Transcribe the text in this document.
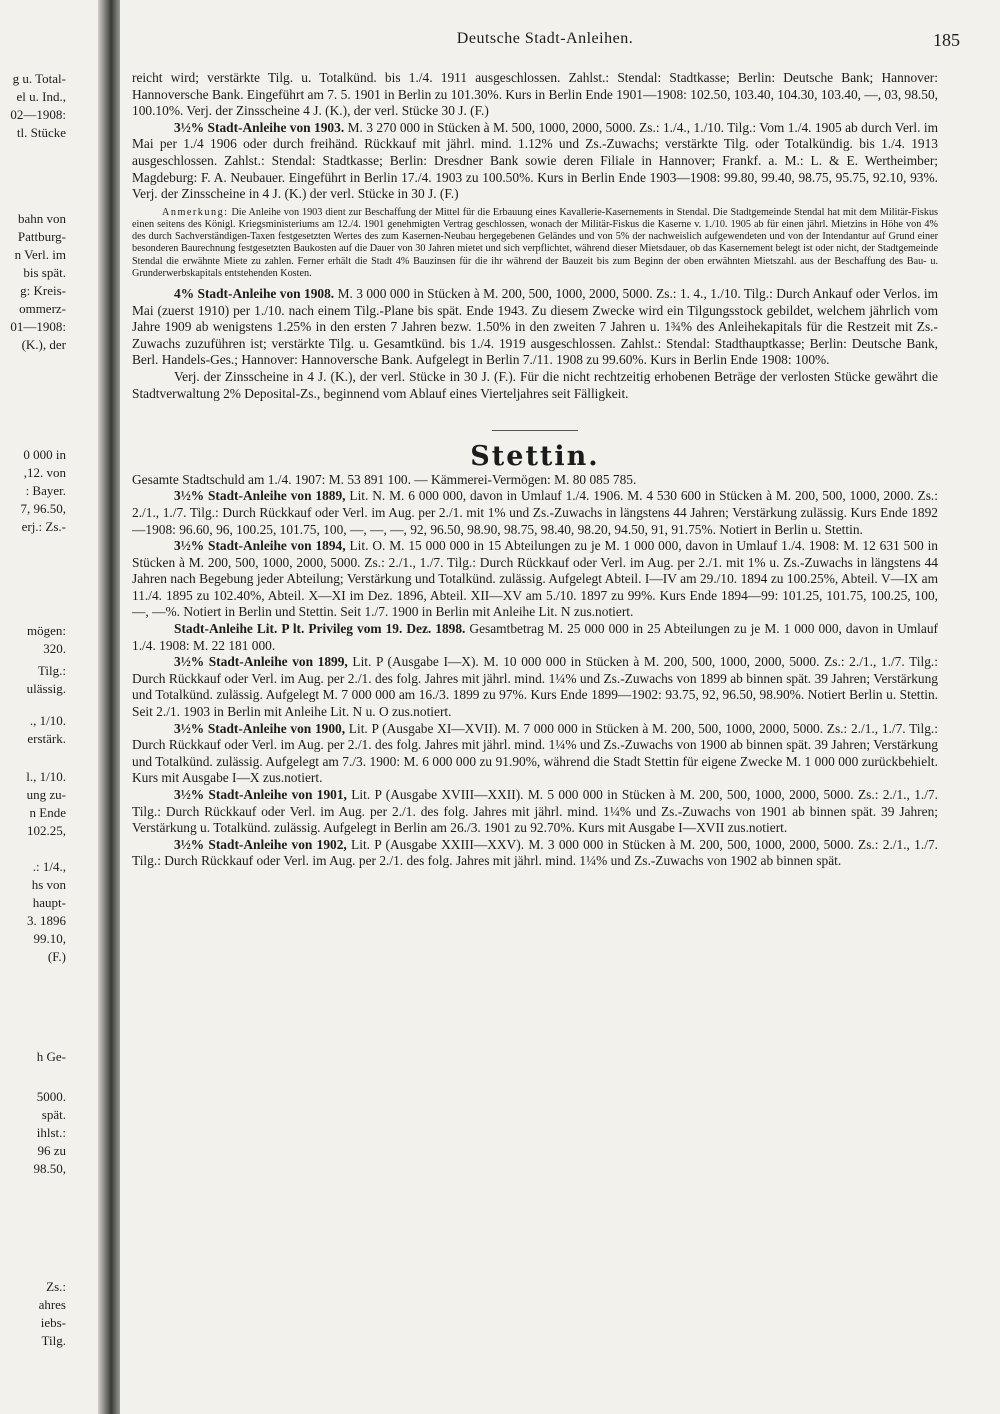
g u. Total-
el u. Ind.,
02—1908:
tl. Stücke
bahn von
Pattburg-
n Verl. im
bis spät.
g: Kreis-
ommerz-
01—1908:
(K.), der
0 000 in
,12. von
: Bayer.
7, 96.50,
erj.: Zs.-
mögen:
320.
Tilg.:
ulässig.
., 1/10.
erstärk.
l., 1/10.
ung zu-
n Ende
102.25,
.: 1/4.,
hs von
haupt-
3. 1896
99.10,
(F.)
h Ge-
5000.
spät.
ihlst.:
96 zu
98.50,
Zs.:
ahres
iebs-
Tilg.
Deutsche Stadt-Anleihen.	185

reicht wird; verstärkte Tilg. u. Totalkünd. bis 1./4. 1911 ausgeschlossen. Zahlst.: Stendal: Stadtkasse; Berlin: Deutsche Bank; Hannover: Hannoversche Bank. Eingeführt am 7. 5. 1901 in Berlin zu 101.30%. Kurs in Berlin Ende 1901—1908: 102.50, 103.40, 104.30, 103.40, —, 03, 98.50, 100.10%. Verj. der Zinsscheine 4 J. (K.), der verl. Stücke 30 J. (F.)

3½% Stadt-Anleihe von 1903. M. 3 270 000 in Stücken à M. 500, 1000, 2000, 5000. Zs.: 1./4., 1./10. Tilg.: Vom 1./4. 1905 ab durch Verl. im Mai per 1./4 1906 oder durch freihänd. Rückkauf mit jährl. mind. 1.12% und Zs.-Zuwachs; verstärkte Tilg. oder Totalkündig. bis 1./4. 1913 ausgeschlossen. Zahlst.: Stendal: Stadtkasse; Berlin: Dresdner Bank sowie deren Filiale in Hannover; Frankf. a. M.: L. & E. Wertheimber; Magdeburg: F. A. Neubauer. Eingeführt in Berlin 17./4. 1903 zu 100.50%. Kurs in Berlin Ende 1903—1908: 99.80, 99.40, 98.75, 95.75, 92.10, 93%. Verj. der Zinsscheine in 4 J. (K.) der verl. Stücke in 30 J. (F.)

Anmerkung: Die Anleihe von 1903 dient zur Beschaffung der Mittel für die Erbauung eines Kavallerie-Kasernements in Stendal. Die Stadtgemeinde Stendal hat mit dem Militär-Fiskus einen seitens des Königl. Kriegsministeriums am 12./4. 1901 genehmigten Vertrag geschlossen, wonach der Militär-Fiskus die Kaserne v. 1./10. 1905 ab für einen jährl. Mietzins in Höhe von 4% des durch Sachverständigen-Taxen festgesetzten Wertes des zum Kasernen-Neubau hergegebenen Geländes und von 5% der nachweislich aufgewendeten und von der Intendantur auf Grund einer besonderen Baurechnung festgesetzten Baukosten auf die Dauer von 30 Jahren mietet und sich verpflichtet, während dieser Mietsdauer, ob das Kasernement belegt ist oder nicht, der Stadtgemeinde Stendal die erwähnte Miete zu zahlen. Ferner erhält die Stadt 4% Bauzinsen für die ihr während der Bauzeit bis zum Beginn der oben erwähnten Mietszahl. aus der Beschaffung des Bau- u. Grunderwerbskapitals entstehenden Kosten.

4% Stadt-Anleihe von 1908. M. 3 000 000 in Stücken à M. 200, 500, 1000, 2000, 5000. Zs.: 1. 4., 1./10. Tilg.: Durch Ankauf oder Verlos. im Mai (zuerst 1910) per 1./10. nach einem Tilg.-Plane bis spät. Ende 1943. Zu diesem Zwecke wird ein Tilgungsstock gebildet, welchem jährlich vom Jahre 1909 ab wenigstens 1.25% in den ersten 7 Jahren bezw. 1.50% in den zweiten 7 Jahren u. 1¾% des Anleihekapitals für die Restzeit mit Zs.-Zuwachs zuzuführen ist; verstärkte Tilg. u. Gesamtkünd. bis 1./4. 1919 ausgeschlossen. Zahlst.: Stendal: Stadthauptkasse; Berlin: Deutsche Bank, Berl. Handels-Ges.; Hannover: Hannoversche Bank. Aufgelegt in Berlin 7./11. 1908 zu 99.60%. Kurs in Berlin Ende 1908: 100%.

Verj. der Zinsscheine in 4 J. (K.), der verl. Stücke in 30 J. (F.). Für die nicht rechtzeitig erhobenen Beträge der verlosten Stücke gewährt die Stadtverwaltung 2% Deposital-Zs., beginnend vom Ablauf eines Vierteljahres seit Fälligkeit.

Stettin.

Gesamte Stadtschuld am 1./4. 1907: M. 53 891 100. — Kämmerei-Vermögen: M. 80 085 785.

3½% Stadt-Anleihe von 1889, Lit. N. M. 6 000 000, davon in Umlauf 1./4. 1906. M. 4 530 600 in Stücken à M. 200, 500, 1000, 2000. Zs.: 2./1., 1./7. Tilg.: Durch Rückkauf oder Verl. im Aug. per 2./1. mit 1% und Zs.-Zuwachs in längstens 44 Jahren; Verstärkung zulässig. Kurs Ende 1892—1908: 96.60, 96, 100.25, 101.75, 100, —, —, —, 92, 96.50, 98.90, 98.75, 98.40, 98.20, 94.50, 91, 91.75%. Notiert in Berlin u. Stettin.

3½% Stadt-Anleihe von 1894, Lit. O. M. 15 000 000 in 15 Abteilungen zu je M. 1 000 000, davon in Umlauf 1./4. 1908: M. 12 631 500 in Stücken à M. 200, 500, 1000, 2000, 5000. Zs.: 2./1., 1./7. Tilg.: Durch Rückkauf oder Verl. im Aug. per 2./1. mit 1% u. Zs.-Zuwachs in längstens 44 Jahren nach Begebung jeder Abteilung; Verstärkung und Totalkünd. zulässig. Aufgelegt Abteil. I—IV am 29./10. 1894 zu 100.25%, Abteil. V—IX am 11./4. 1895 zu 102.40%, Abteil. X—XI im Dez. 1896, Abteil. XII—XV am 5./10. 1897 zu 99%. Kurs Ende 1894—99: 101.25, 101.75, 100.25, 100, —, —%. Notiert in Berlin und Stettin. Seit 1./7. 1900 in Berlin mit Anleihe Lit. N zus.notiert.

Stadt-Anleihe Lit. P lt. Privileg vom 19. Dez. 1898. Gesamtbetrag M. 25 000 000 in 25 Abteilungen zu je M. 1 000 000, davon in Umlauf 1./4. 1908: M. 22 181 000.

3½% Stadt-Anleihe von 1899, Lit. P (Ausgabe I—X). M. 10 000 000 in Stücken à M. 200, 500, 1000, 2000, 5000. Zs.: 2./1., 1./7. Tilg.: Durch Rückkauf oder Verl. im Aug. per 2./1. des folg. Jahres mit jährl. mind. 1¼% und Zs.-Zuwachs von 1899 ab binnen spät. 39 Jahren; Verstärkung und Totalkünd. zulässig. Aufgelegt M. 7 000 000 am 16./3. 1899 zu 97%. Kurs Ende 1899—1902: 93.75, 92, 96.50, 98.90%. Notiert Berlin u. Stettin. Seit 2./1. 1903 in Berlin mit Anleihe Lit. N u. O zus.notiert.

3½% Stadt-Anleihe von 1900, Lit. P (Ausgabe XI—XVII). M. 7 000 000 in Stücken à M. 200, 500, 1000, 2000, 5000. Zs.: 2./1., 1./7. Tilg.: Durch Rückkauf oder Verl. im Aug. per 2./1. des folg. Jahres mit jährl. mind. 1¼% und Zs.-Zuwachs von 1900 ab binnen spät. 39 Jahren; Verstärkung und Totalkünd. zulässig. Aufgelegt am 7./3. 1900: M. 6 000 000 zu 91.90%, während die Stadt Stettin für eigene Zwecke M. 1 000 000 zurückbehielt. Kurs mit Ausgabe I—X zus.notiert.

3½% Stadt-Anleihe von 1901, Lit. P (Ausgabe XVIII—XXII). M. 5 000 000 in Stücken à M. 200, 500, 1000, 2000, 5000. Zs.: 2./1., 1./7. Tilg.: Durch Rückkauf oder Verl. im Aug. per 2./1. des folg. Jahres mit jährl. mind. 1¼% und Zs.-Zuwachs von 1901 ab binnen spät. 39 Jahren; Verstärkung u. Totalkünd. zulässig. Aufgelegt in Berlin am 26./3. 1901 zu 92.70%. Kurs mit Ausgabe I—XVII zus.notiert.

3½% Stadt-Anleihe von 1902, Lit. P (Ausgabe XXIII—XXV). M. 3 000 000 in Stücken à M. 200, 500, 1000, 2000, 5000. Zs.: 2./1., 1./7. Tilg.: Durch Rückkauf oder Verl. im Aug. per 2./1. des folg. Jahres mit jährl. mind. 1¼% und Zs.-Zuwachs von 1902 ab binnen spät.
